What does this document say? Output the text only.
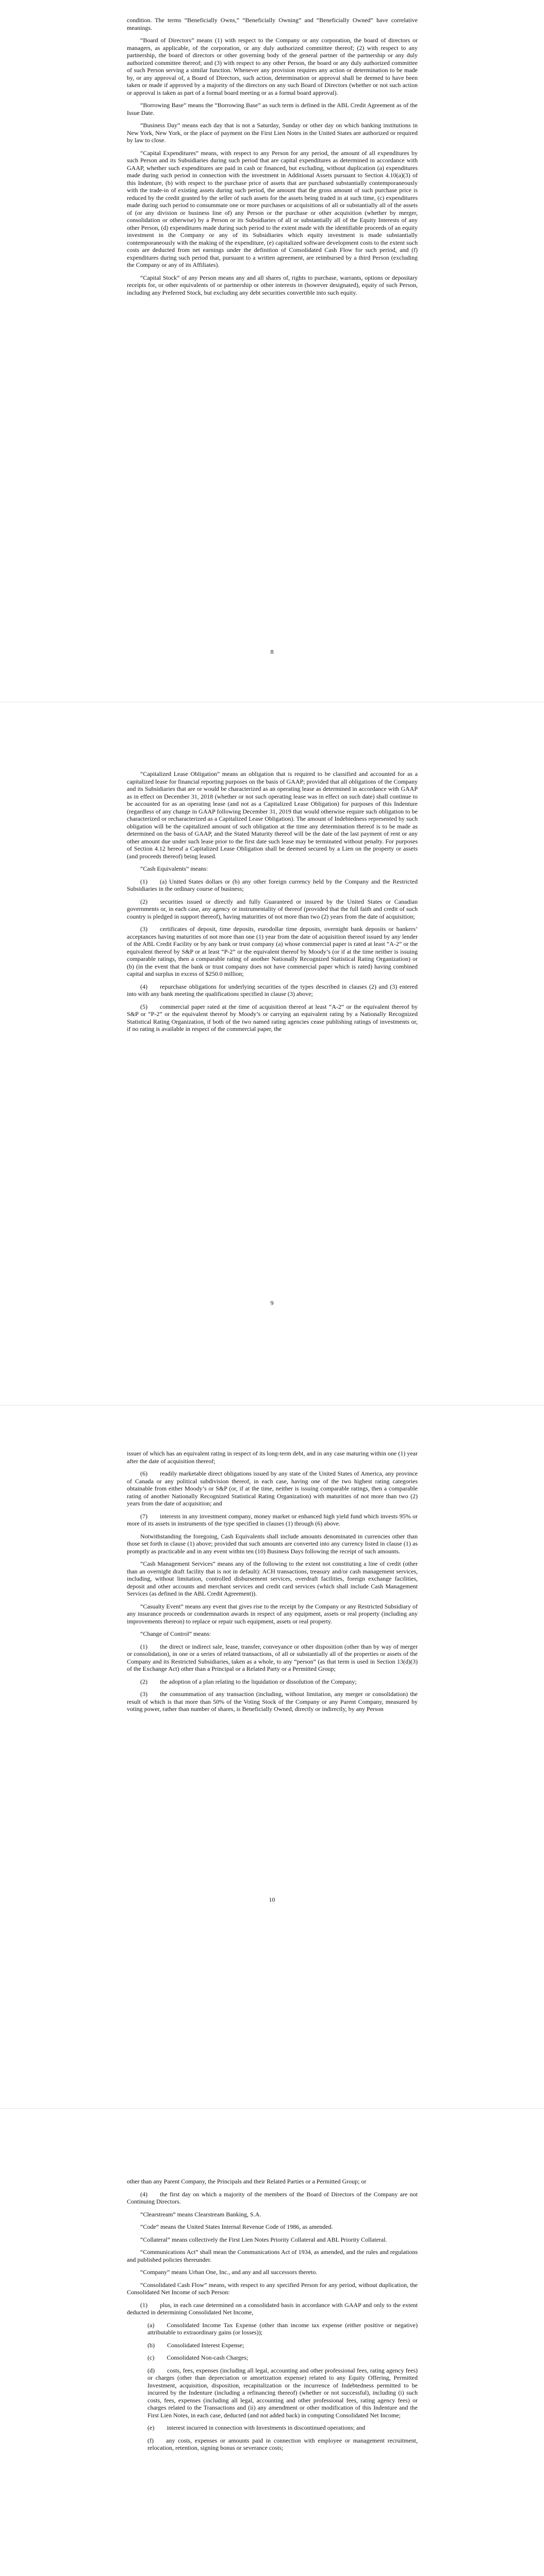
condition. The terms “Beneficially Owns,” “Beneficially Owning” and “Beneficially Owned” have correlative meanings.

“Board of Directors” means (1) with respect to the Company or any corporation, the board of directors or managers, as applicable, of the corporation, or any duly authorized committee thereof; (2) with respect to any partnership, the board of directors or other governing body of the general partner of the partnership or any duly authorized committee thereof; and (3) with respect to any other Person, the board or any duly authorized committee of such Person serving a similar function. Whenever any provision requires any action or determination to be made by, or any approval of, a Board of Directors, such action, determination or approval shall be deemed to have been taken or made if approved by a majority of the directors on any such Board of Directors (whether or not such action or approval is taken as part of a formal board meeting or as a formal board approval).

“Borrowing Base” means the “Borrowing Base” as such term is defined in the ABL Credit Agreement as of the Issue Date.

“Business Day” means each day that is not a Saturday, Sunday or other day on which banking institutions in New York, New York, or the place of payment on the First Lien Notes in the United States are authorized or required by law to close.

“Capital Expenditures” means, with respect to any Person for any period, the amount of all expenditures by such Person and its Subsidiaries during such period that are capital expenditures as determined in accordance with GAAP, whether such expenditures are paid in cash or financed, but excluding, without duplication (a) expenditures made during such period in connection with the investment in Additional Assets pursuant to Section 4.10(a)(3) of this Indenture, (b) with respect to the purchase price of assets that are purchased substantially contemporaneously with the trade-in of existing assets during such period, the amount that the gross amount of such purchase price is reduced by the credit granted by the seller of such assets for the assets being traded in at such time, (c) expenditures made during such period to consummate one or more purchases or acquisitions of all or substantially all of the assets of (or any division or business line of) any Person or the purchase or other acquisition (whether by merger, consolidation or otherwise) by a Person or its Subsidiaries of all or substantially all of the Equity Interests of any other Person, (d) expenditures made during such period to the extent made with the identifiable proceeds of an equity investment in the Company or any of its Subsidiaries which equity investment is made substantially contemporaneously with the making of the expenditure, (e) capitalized software development costs to the extent such costs are deducted from net earnings under the definition of Consolidated Cash Flow for such period, and (f) expenditures during such period that, pursuant to a written agreement, are reimbursed by a third Person (excluding the Company or any of its Affiliates).

“Capital Stock” of any Person means any and all shares of, rights to purchase, warrants, options or depositary receipts for, or other equivalents of or partnership or other interests in (however designated), equity of such Person, including any Preferred Stock, but excluding any debt securities convertible into such equity.

8

“Capitalized Lease Obligation” means an obligation that is required to be classified and accounted for as a capitalized lease for financial reporting purposes on the basis of GAAP; provided that all obligations of the Company and its Subsidiaries that are or would be characterized as an operating lease as determined in accordance with GAAP as in effect on December 31, 2018 (whether or not such operating lease was in effect on such date) shall continue to be accounted for as an operating lease (and not as a Capitalized Lease Obligation) for purposes of this Indenture (regardless of any change in GAAP following December 31, 2019 that would otherwise require such obligation to be characterized or recharacterized as a Capitalized Lease Obligation). The amount of Indebtedness represented by such obligation will be the capitalized amount of such obligation at the time any determination thereof is to be made as determined on the basis of GAAP, and the Stated Maturity thereof will be the date of the last payment of rent or any other amount due under such lease prior to the first date such lease may be terminated without penalty. For purposes of Section 4.12 hereof a Capitalized Lease Obligation shall be deemed secured by a Lien on the property or assets (and proceeds thereof) being leased.

“Cash Equivalents” means:

(1)  (a) United States dollars or (b) any other foreign currency held by the Company and the Restricted Subsidiaries in the ordinary course of business;

(2)  securities issued or directly and fully Guaranteed or insured by the United States or Canadian governments or, in each case, any agency or instrumentality of thereof (provided that the full faith and credit of such country is pledged in support thereof), having maturities of not more than two (2) years from the date of acquisition;

(3)  certificates of deposit, time deposits, eurodollar time deposits, overnight bank deposits or bankers’ acceptances having maturities of not more than one (1) year from the date of acquisition thereof issued by any lender of the ABL Credit Facility or by any bank or trust company (a) whose commercial paper is rated at least “A-2” or the equivalent thereof by S&P or at least “P-2” or the equivalent thereof by Moody’s (or if at the time neither is issuing comparable ratings, then a comparable rating of another Nationally Recognized Statistical Rating Organization) or (b) (in the event that the bank or trust company does not have commercial paper which is rated) having combined capital and surplus in excess of $250.0 million;

(4)  repurchase obligations for underlying securities of the types described in clauses (2) and (3) entered into with any bank meeting the qualifications specified in clause (3) above;

(5)  commercial paper rated at the time of acquisition thereof at least “A-2” or the equivalent thereof by S&P or “P-2” or the equivalent thereof by Moody’s or carrying an equivalent rating by a Nationally Recognized Statistical Rating Organization, if both of the two named rating agencies cease publishing ratings of investments or, if no rating is available in respect of the commercial paper, the

9

issuer of which has an equivalent rating in respect of its long-term debt, and in any case maturing within one (1) year after the date of acquisition thereof;

(6)  readily marketable direct obligations issued by any state of the United States of America, any province of Canada or any political subdivision thereof, in each case, having one of the two highest rating categories obtainable from either Moody’s or S&P (or, if at the time, neither is issuing comparable ratings, then a comparable rating of another Nationally Recognized Statistical Rating Organization) with maturities of not more than two (2) years from the date of acquisition; and

(7)  interests in any investment company, money market or enhanced high yield fund which invests 95% or more of its assets in instruments of the type specified in clauses (1) through (6) above.

Notwithstanding the foregoing, Cash Equivalents shall include amounts denominated in currencies other than those set forth in clause (1) above; provided that such amounts are converted into any currency listed in clause (1) as promptly as practicable and in any event within ten (10) Business Days following the receipt of such amounts.

“Cash Management Services” means any of the following to the extent not constituting a line of credit (other than an overnight draft facility that is not in default): ACH transactions, treasury and/or cash management services, including, without limitation, controlled disbursement services, overdraft facilities, foreign exchange facilities, deposit and other accounts and merchant services and credit card services (which shall include Cash Management Services (as defined in the ABL Credit Agreement)).

“Casualty Event” means any event that gives rise to the receipt by the Company or any Restricted Subsidiary of any insurance proceeds or condemnation awards in respect of any equipment, assets or real property (including any improvements thereon) to replace or repair such equipment, assets or real property.

“Change of Control” means:

(1)  the direct or indirect sale, lease, transfer, conveyance or other disposition (other than by way of merger or consolidation), in one or a series of related transactions, of all or substantially all of the properties or assets of the Company and its Restricted Subsidiaries, taken as a whole, to any “person” (as that term is used in Section 13(d)(3) of the Exchange Act) other than a Principal or a Related Party or a Permitted Group;

(2)  the adoption of a plan relating to the liquidation or dissolution of the Company;

(3)  the consummation of any transaction (including, without limitation, any merger or consolidation) the result of which is that more than 50% of the Voting Stock of the Company or any Parent Company, measured by voting power, rather than number of shares, is Beneficially Owned, directly or indirectly, by any Person

10

other than any Parent Company, the Principals and their Related Parties or a Permitted Group; or

(4)  the first day on which a majority of the members of the Board of Directors of the Company are not Continuing Directors.

“Clearstream” means Clearstream Banking, S.A.

“Code” means the United States Internal Revenue Code of 1986, as amended.

“Collateral” means collectively the First Lien Notes Priority Collateral and ABL Priority Collateral.

“Communications Act” shall mean the Communications Act of 1934, as amended, and the rules and regulations and published policies thereunder.

“Company” means Urban One, Inc., and any and all successors thereto.

“Consolidated Cash Flow” means, with respect to any specified Person for any period, without duplication, the Consolidated Net Income of such Person:

(1)  plus, in each case determined on a consolidated basis in accordance with GAAP and only to the extent deducted in determining Consolidated Net Income,

(a)  Consolidated Income Tax Expense (other than income tax expense (either positive or negative) attributable to extraordinary gains (or losses));

(b)  Consolidated Interest Expense;

(c)  Consolidated Non-cash Charges;

(d)  costs, fees, expenses (including all legal, accounting and other professional fees, rating agency fees) or charges (other than depreciation or amortization expense) related to any Equity Offering, Permitted Investment, acquisition, disposition, recapitalization or the incurrence of Indebtedness permitted to be incurred by the Indenture (including a refinancing thereof) (whether or not successful), including (i) such costs, fees, expenses (including all legal, accounting and other professional fees, rating agency fees) or charges related to the Transactions and (ii) any amendment or other modification of this Indenture and the First Lien Notes, in each case, deducted (and not added back) in computing Consolidated Net Income;

(e)  interest incurred in connection with Investments in discontinued operations; and

(f)  any costs, expenses or amounts paid in connection with employee or management recruitment, relocation, retention, signing bonus or severance costs;
